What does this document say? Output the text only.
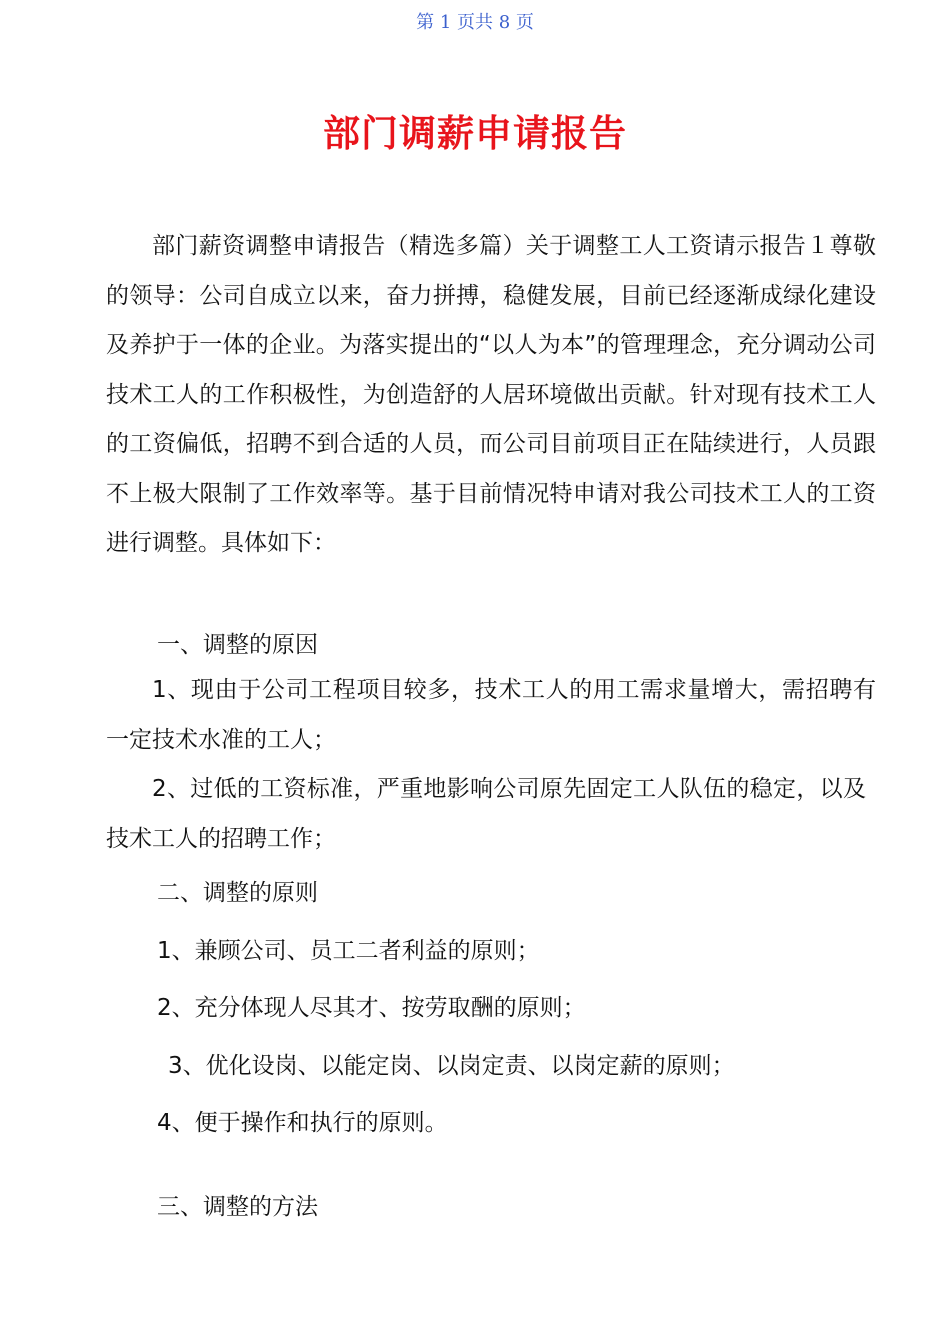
第 1 页共 8 页
部门调薪申请报告

部门薪资调整申请报告（精选多篇）关于调整工人工资请示报告１尊敬的领导：公司自成立以来，奋力拼搏，稳健发展，目前已经逐渐成绿化建设及养护于一体的企业。为落实提出的“以人为本”的管理理念，充分调动公司技术工人的工作积极性，为创造舒的人居环境做出贡献。针对现有技术工人的工资偏低，招聘不到合适的人员，而公司目前项目正在陆续进行，人员跟不上极大限制了工作效率等。基于目前情况特申请对我公司技术工人的工资进行调整。具体如下：

一、调整的原因

1、现由于公司工程项目较多，技术工人的用工需求量增大，需招聘有一定技术水准的工人；

2、过低的工资标准，严重地影响公司原先固定工人队伍的稳定，以及技术工人的招聘工作；

二、调整的原则
1、兼顾公司、员工二者利益的原则；
2、充分体现人尽其才、按劳取酬的原则；
3、优化设岗、以能定岗、以岗定责、以岗定薪的原则；
4、便于操作和执行的原则。
三、调整的方法
